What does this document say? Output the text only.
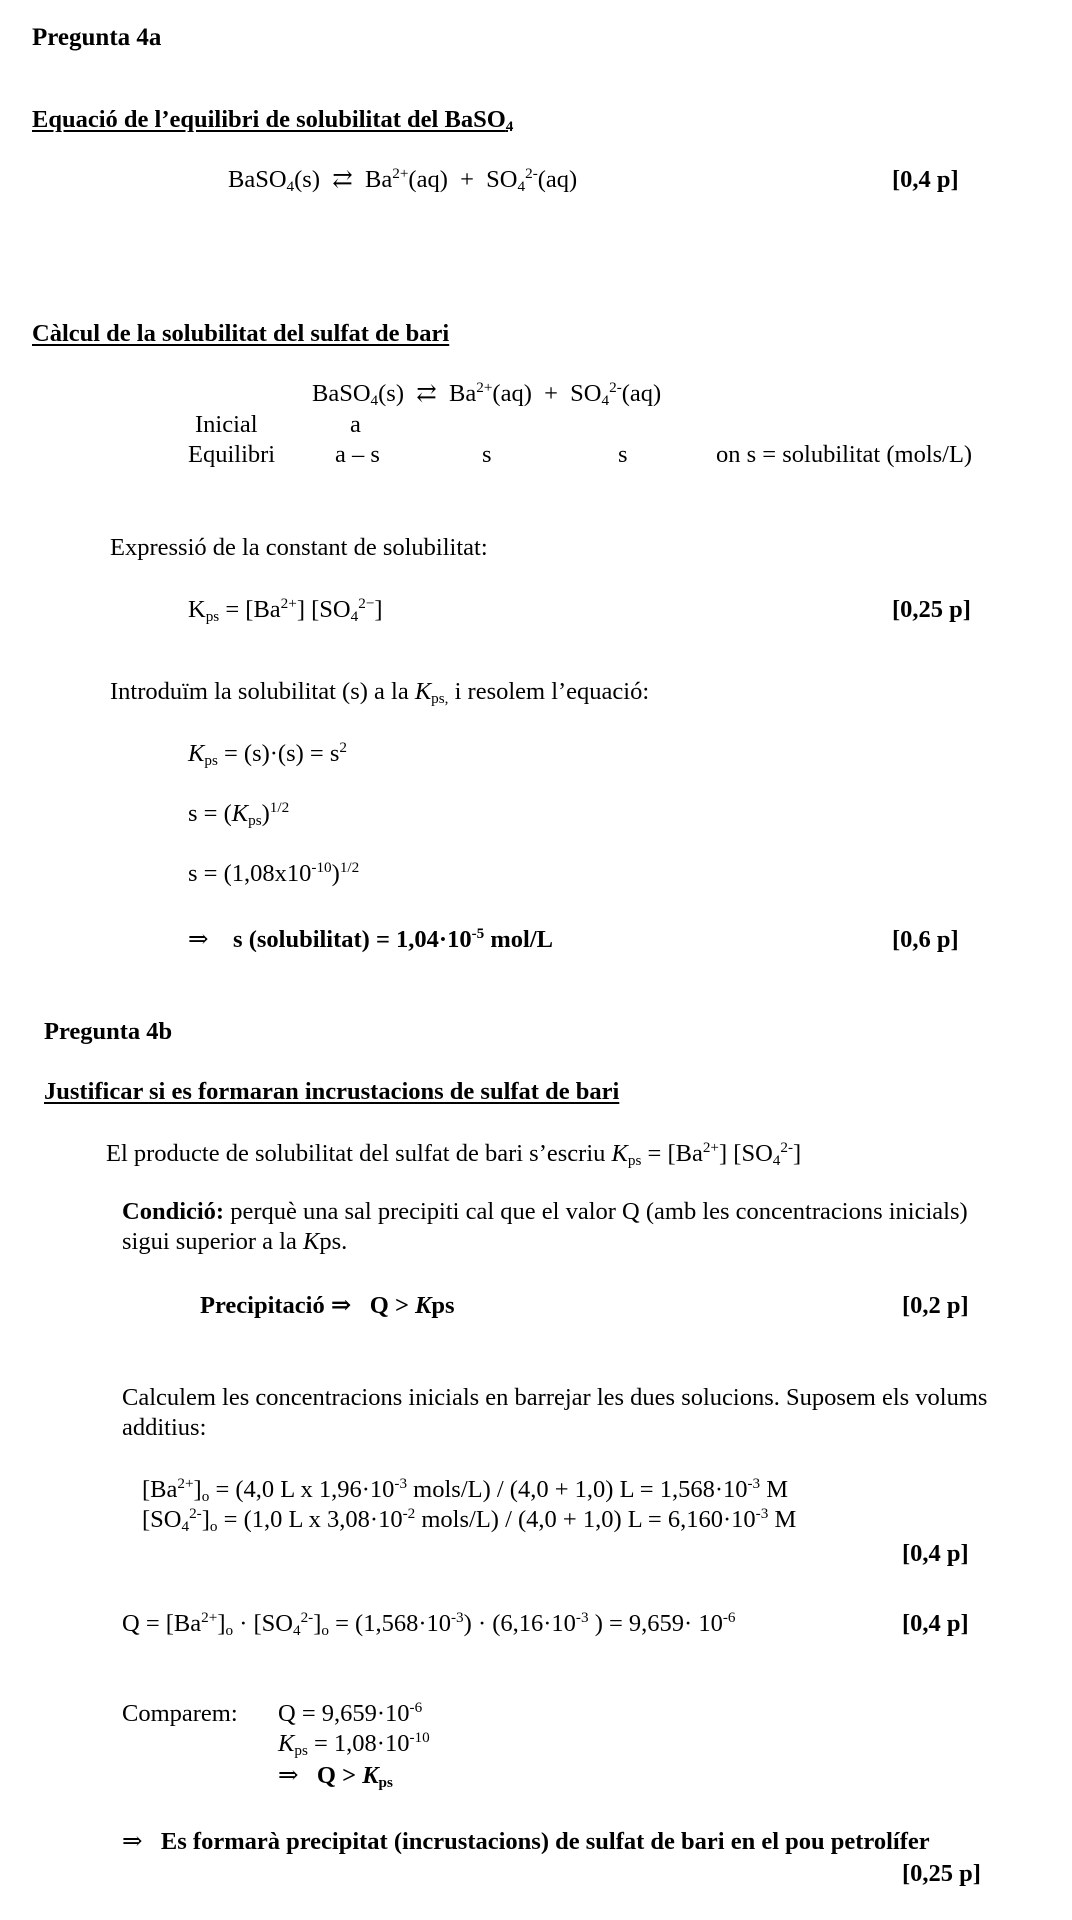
Pregunta 4a
Equació de l’equilibri de solubilitat del BaSO$_4$
BaSO$_4$(s)  ⇄  $Ba^{2+}(aq) + SO_4^{2-}(aq)$	[0,4 p]
Càlcul de la solubilitat del sulfat de bari
BaSO$_4$(s)  ⇄  $Ba^{2+}(aq) + SO_4^{2-}(aq)$
Inicial	a
Equilibri a – s	s	s	on s = solubilitat (mols/L)
Expressió de la constant de solubilitat:
$K_{ps} = [Ba^{2+}]$ $[SO_4^{2-}]$	[0,25 p]
Introduïm la solubilitat (s) a la $K_{ps,}$ i resolem l’equació:
$K_{ps} = (s)\cdot(s) = s^2$
$s = (K_{ps})^{1/2}$
$s = (1,08x10^{-10})^{1/2}$
⇒ s (solubilitat) = $1,04\cdot 10^{-5}$ mol/L	[0,6 p]
Pregunta 4b
Justificar si es formaran incrustacions de sulfat de bari
El producte de solubilitat del sulfat de bari s’escriu $K_{ps} = [Ba^{2+}]$ $[SO_4^{2-}]$
Condició: perquè una sal precipiti cal que el valor Q (amb les concentracions inicials)
sigui superior a la Kps.
Precipitació ⇒ Q > Kps	[0,2 p]
Calculem les concentracions inicials en barrejar les dues solucions. Suposem els volums
additius:
$[Ba^{2+}]_o = (4,0$ L x $1,96\cdot 10^{-3}$ mols/L) / (4,0 + 1,0) $L = 1,568\cdot 10^{-3}$ M
$[SO_4^{2-}]_o = (1,0$ L x $3,08\cdot 10^{-2}$ mols/L) / (4,0 + 1,0) $L = 6,160\cdot 10^{-3}$ M
[0,4 p]
$Q = [Ba^{2+}]_o \cdot [SO_4^{2-}]_o = (1,568\cdot 10^{-3}) \cdot (6,16\cdot 10^{-3}$ ) = $9,659\cdot 10^{-6}$	[0,4 p]
Comparem: $Q = 9,659\cdot 10^{-6}$
$K_{ps} = 1,08\cdot 10^{-10}$
⇒ $Q > K_{ps}$
⇒ Es formarà precipitat (incrustacions) de sulfat de bari en el pou petrolífer
[0,25 p]
